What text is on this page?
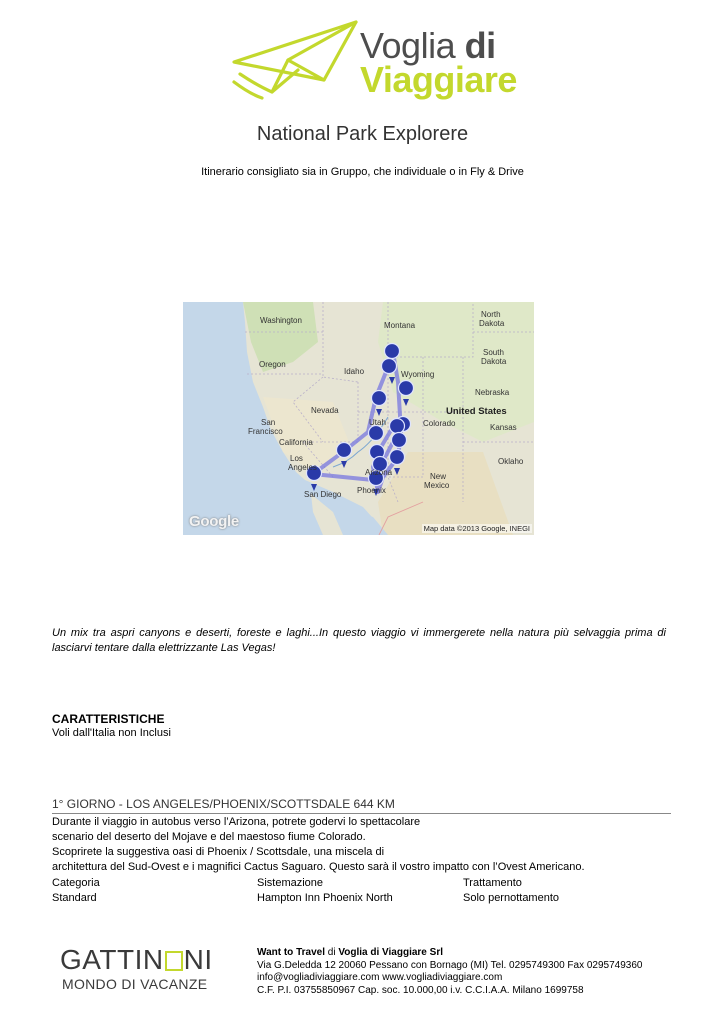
Voglia di
Viaggiare
National Park Explorere
Itinerario consigliato sia in Gruppo, che individuale o in Fly & Drive
Washington
Montana
North
Dakota
South
Dakota
Oregon
Idaho	Wyoming
Nebraska
Nevada	United States
San
Francisco
Utah	Colorado	Kansas
California
Oklaho
Los
Angeles
Arizona	New
Mexico
Phoenix
San Diego
Google	Map data ©2013 Google, INEGI
Un mix tra aspri canyons e deserti, foreste e laghi...In questo viaggio vi immergerete nella natura più selvaggia prima di lasciarvi tentare dalla elettrizzante Las Vegas!
CARATTERISTICHE
Voli dall'Italia non Inclusi
1° GIORNO - LOS ANGELES/PHOENIX/SCOTTSDALE 644 KM
Durante il viaggio in autobus verso l’Arizona, potrete godervi lo spettacolare
scenario del deserto del Mojave e del maestoso fiume Colorado.
Scoprirete la suggestiva oasi di Phoenix / Scottsdale, una miscela di
architettura del Sud-Ovest e i magnifici Cactus Saguaro. Questo sarà il vostro impatto con l’Ovest Americano.
Categoria	Sistemazione	Trattamento
Standard	Hampton Inn Phoenix North	Solo pernottamento
GATTIN NI
MONDO DI VACANZE
Want to Travel di Voglia di Viaggiare Srl
Via G.Deledda 12 20060 Pessano con Bornago (MI) Tel. 0295749300 Fax 0295749360
info@vogliadiviaggiare.com www.vogliadiviaggiare.com
C.F. P.I. 03755850967 Cap. soc. 10.000,00 i.v. C.C.I.A.A. Milano 1699758
